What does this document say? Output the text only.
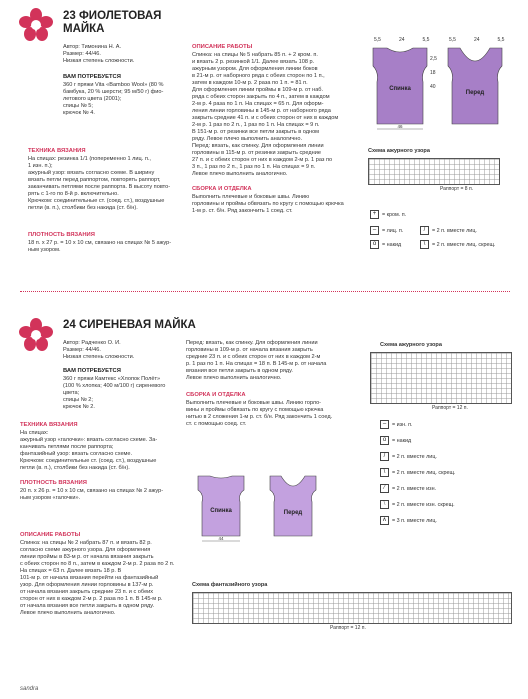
23 ФИОЛЕТОВАЯ
МАЙКА
Автор: Тимонина Н. А.
Размер: 44/46.
Низкая степень сложности.
ВАМ ПОТРЕБУЕТСЯ
360 г пряжи Vita «Bamboo Wool» (80 %
бамбука, 20 % шерсти; 95 м/50 г) фио-
летового цвета (2001);
спицы № 5;
крючок № 4.
ТЕХНИКА ВЯЗАНИЯ
На спицах: резинка 1/1 (попеременно 1 лиц. п.,
1 изн. п.);
ажурный узор: вязать согласно схеме. В ширину
вязать петли перед раппортом, повторять раппорт,
заканчивать петлями после раппорта. В высоту повто-
рять с 1-го по 8-й р. включительно.
Крючком: соединительные ст. (соед. ст.), воздушные
петли (в. п.), столбики без накида (ст. б/н).
ПЛОТНОСТЬ ВЯЗАНИЯ
18 п. х 27 р. = 10 х 10 см, связано на спицах № 5 ажур-
ным узором.
ОПИСАНИЕ РАБОТЫ
Спинка: на спицы № 5 набрать 85 п. + 2 кром. п.
и вязать 2 р. резинкой 1/1. Далее вязать 108 р.
ажурным узором. Для оформления линии боков
в 21-м р. от наборного ряда с обеих сторон по 1 п.,
затем в каждом 10-м р. 2 раза по 1 п. = 81 п.
Для оформления линии проймы в 109-м р. от наб.
ряда с обеих сторон закрыть по 4 п., затем в каждом
2-м р. 4 раза по 1 п. На спицах = 65 п. Для оформ-
ления линии горловины в 145-м р. от наборного ряда
закрыть средние 41 п. и с обеих сторон от них в каждом
2-м р. 1 раз по 2 п., 1 раз по 1 п. На спицах = 9 п.
В 151-м р. от резинки все петли закрыть в одном
ряду. Левое плечо выполнить аналогично.
Перед: вязать, как спинку. Для оформления линии
горловины в 115-м р. от резинки закрыть средние
27 п. и с обеих сторон от них в каждом 2-м р. 1 раз по
3 п., 1 раз по 2 п., 1 раз по 1 п. На спицах = 9 п.
Левое плечо выполнить аналогично.
СБОРКА И ОТДЕЛКА
Выполнить плечевые и боковые швы. Линию
горловины и проймы обвязать по кругу с помощью крючка
1-м р. ст. б/н. Ряд закончить 1 соед. ст.
Спинка
46
Перед
5,5	24	5,5	5,5	24	5,5
2,5
18
40
Схема ажурного узора
Раппорт = 8 п.
+	= кром. п.
–	= лиц. п.	/	= 2 п. вместе лиц.
o	= накид	\	= 2 п. вместе лиц. скрещ.
24 СИРЕНЕВАЯ МАЙКА
Автор: Радченко О. И.
Размер: 44/46.
Низкая степень сложности.
ВАМ ПОТРЕБУЕТСЯ
360 г пряжи Камтекс «Хлопок Полёт»
(100 % хлопка; 400 м/100 г) сиреневого
цвета;
спицы № 2;
крючок № 2.
ТЕХНИКА ВЯЗАНИЯ
На спицах:
ажурный узор «галочки»: вязать согласно схеме. За-
канчивать петлями после раппорта;
фантазийный узор: вязать согласно схеме.
Крючком: соединительные ст. (соед. ст.), воздушные
петли (в. п.), столбики без накида (ст. б/н).
ПЛОТНОСТЬ ВЯЗАНИЯ
20 п. х 26 р. = 10 х 10 см, связано на спицах № 2 ажур-
ным узором «галочки».
ОПИСАНИЕ РАБОТЫ
Спинка: на спицы № 2 набрать 87 п. и вязать 82 р.
согласно схеме ажурного узора. Для оформления
линии проймы в 83-м р. от начала вязания закрыть
с обеих сторон по 8 п., затем в каждом 2-м р. 2 раза по 2 п.
На спицах = 63 п. Далее вязать 18 р. В
101-м р. от начала вязания перейти на фантазийный
узор. Для оформления линии горловины в 137-м р.
от начала вязания закрыть средние 23 п. и с обеих
сторон от них в каждом 2-м р. 2 раза по 1 п. В 145-м р.
от начала вязания все петли закрыть в одном ряду.
Левое плечо выполнить аналогично.
Перед: вязать, как спинку. Для оформления линии
горловины в 109-м р. от начала вязания закрыть
средние 23 п. и с обеих сторон от них в каждом 2-м
р. 1 раз по 1 п. На спицах = 18 п. В 145-м р. от начала
вязания все петли закрыть в одном ряду.
Левое плечо выполнить аналогично.
СБОРКА И ОТДЕЛКА
Выполнить плечевые и боковые швы. Линию горло-
вины и проймы обвязать по кругу с помощью крючка
нитью в 2 сложения 1-м р. ст. б/н. Ряд закончить 1 соед.
ст. с помощью соед. ст.
Спинка
44
Перед
Схема ажурного узора
Раппорт = 12 п.
–	= изн. п.
o	= накид
/	= 2 п. вместе лиц.
\	= 2 п. вместе лиц. скрещ.
⁄	= 2 п. вместе изн.
⧵	= 2 п. вместе изн. скрещ.
∧ = 3 п. вместе лиц.
Схема фантазийного узора
Раппорт = 12 п.
sandra
